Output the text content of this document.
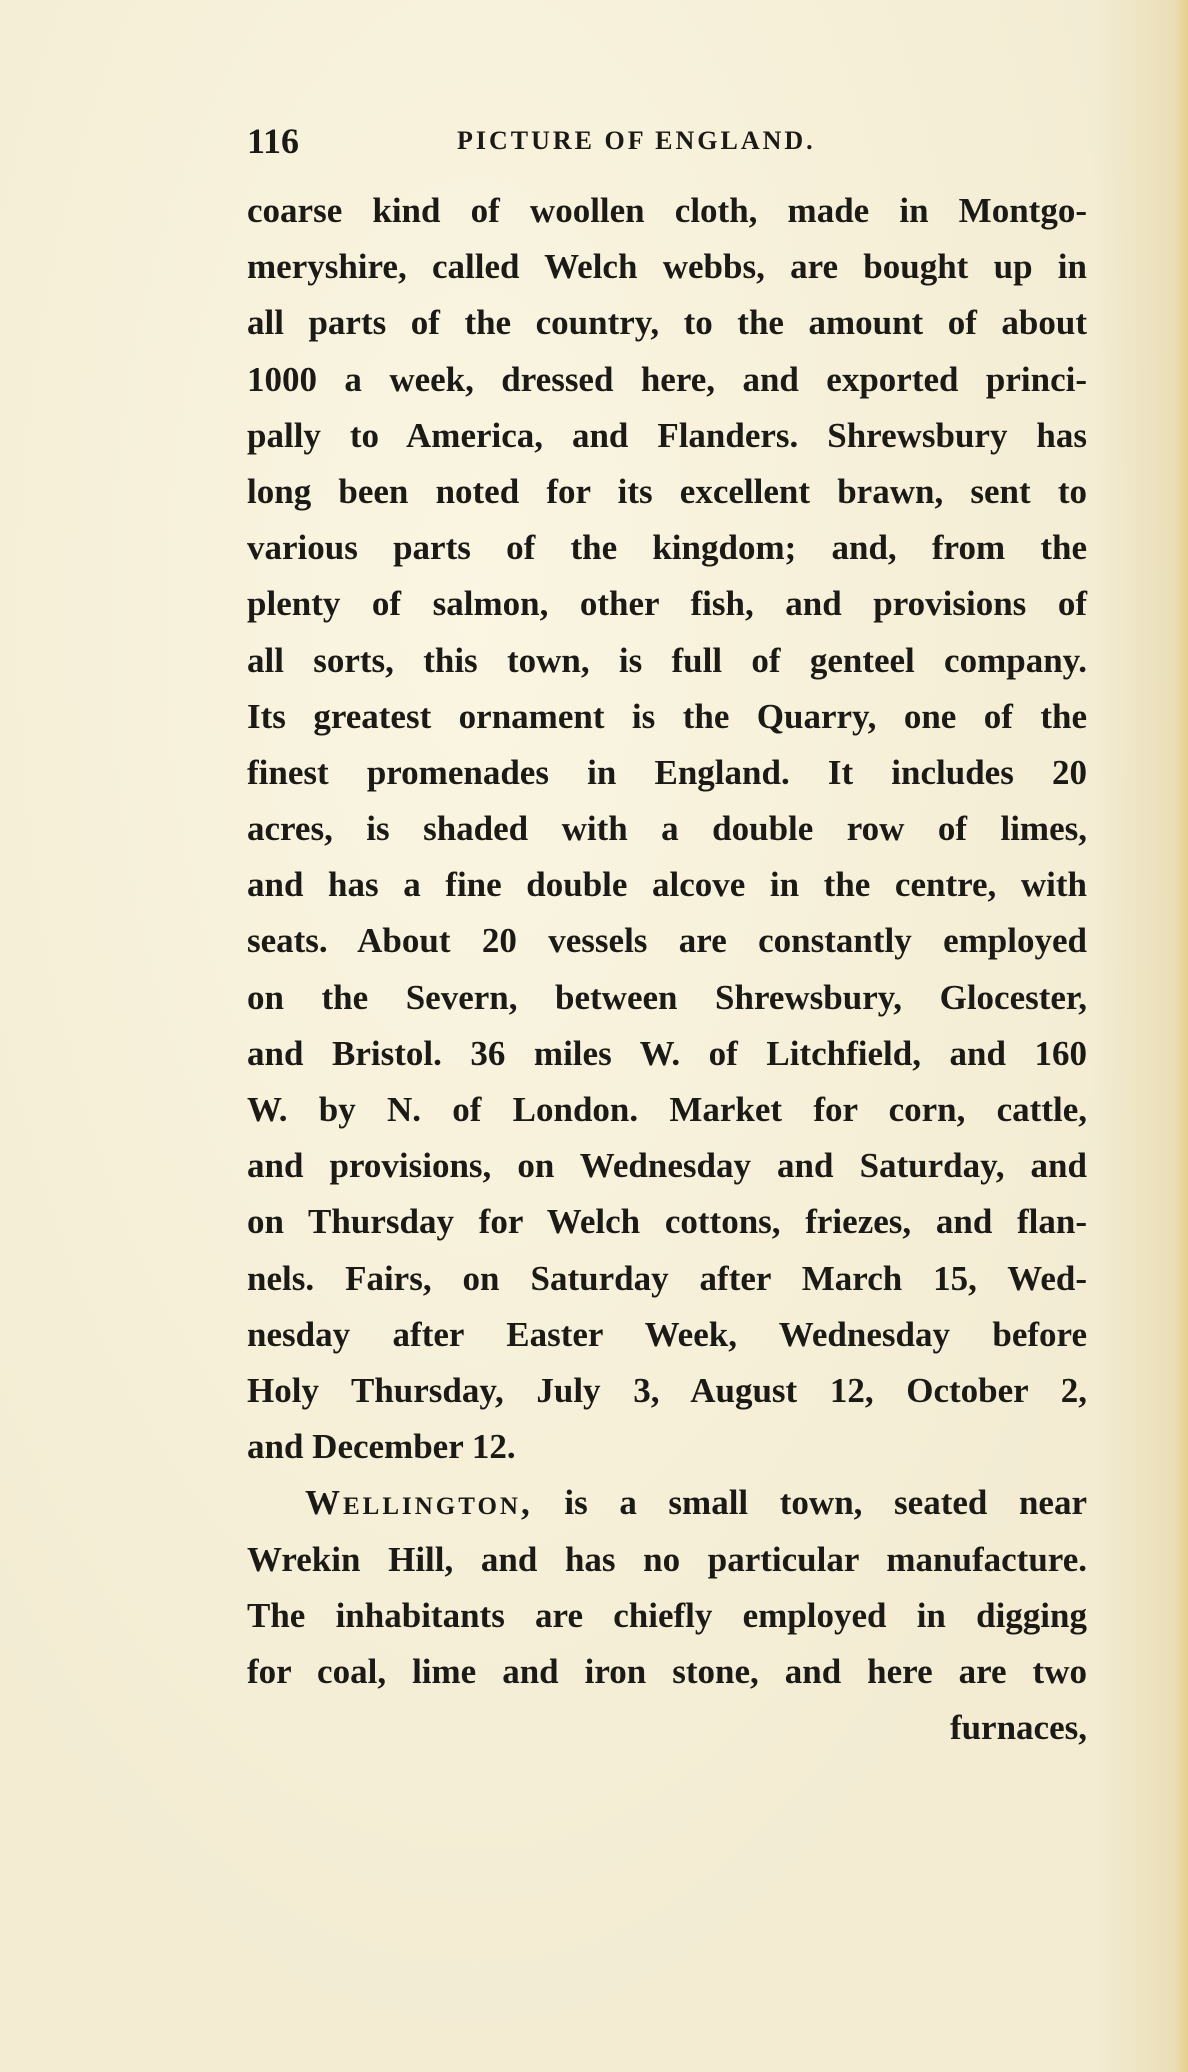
116	PICTURE OF ENGLAND.
coarse kind of woollen cloth, made in Montgo-
meryshire, called Welch webbs, are bought up in
all parts of the country, to the amount of about
1000 a week, dressed here, and exported princi-
pally to America, and Flanders. Shrewsbury has
long been noted for its excellent brawn, sent to
various parts of the kingdom; and, from the
plenty of salmon, other fish, and provisions of
all sorts, this town, is full of genteel company.
Its greatest ornament is the Quarry, one of the
finest promenades in England. It includes 20
acres, is shaded with a double row of limes,
and has a fine double alcove in the centre, with
seats. About 20 vessels are constantly employed
on the Severn, between Shrewsbury, Glocester,
and Bristol. 36 miles W. of Litchfield, and 160
W. by N. of London. Market for corn, cattle,
and provisions, on Wednesday and Saturday, and
on Thursday for Welch cottons, friezes, and flan-
nels. Fairs, on Saturday after March 15, Wed-
nesday after Easter Week, Wednesday before
Holy Thursday, July 3, August 12, October 2,
and December 12.
Wellington, is a small town, seated near
Wrekin Hill, and has no particular manufacture.
The inhabitants are chiefly employed in digging
for coal, lime and iron stone, and here are two
furnaces,
